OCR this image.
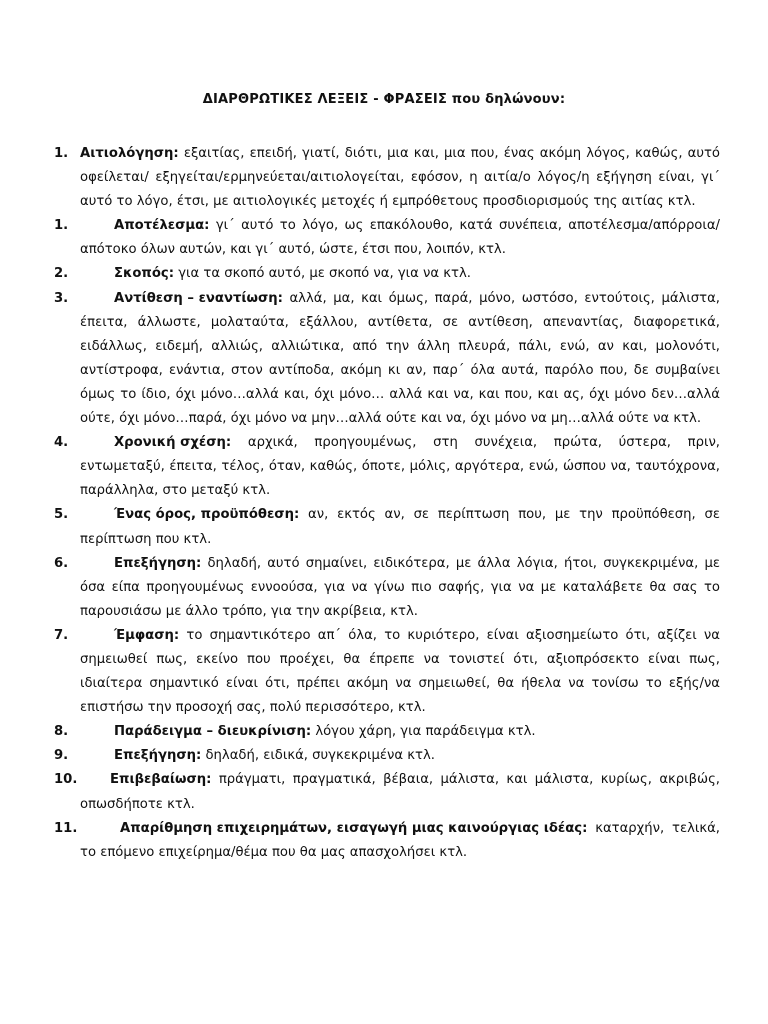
ΔΙΑΡΘΡΩΤΙΚΕΣ ΛΕΞΕΙΣ - ΦΡΑΣΕΙΣ που δηλώνουν:
1. Αιτιολόγηση: εξαιτίας, επειδή, γιατί, διότι, μια και, μια που, ένας ακόμη λόγος, καθώς, αυτό οφείλεται/ εξηγείται/ερμηνεύεται/αιτιολογείται, εφόσον, η αιτία/ο λόγος/η εξήγηση είναι, γι΄ αυτό το λόγο, έτσι, με αιτιολογικές μετοχές ή εμπρόθετους προσδιορισμούς της αιτίας κτλ.
1.	Αποτέλεσμα: γι΄ αυτό το λόγο, ως επακόλουθο, κατά συνέπεια, αποτέλεσμα/απόρροια/απότοκο όλων αυτών, και γι΄ αυτό, ώστε, έτσι που, λοιπόν, κτλ.
2.	Σκοπός: για τα σκοπό αυτό, με σκοπό να, για να κτλ.
3.	Αντίθεση – εναντίωση: αλλά, μα, και όμως, παρά, μόνο, ωστόσο, εντούτοις, μάλιστα, έπειτα, άλλωστε, μολαταύτα, εξάλλου, αντίθετα, σε αντίθεση, απεναντίας, διαφορετικά, ειδάλλως, ειδεμή, αλλιώς, αλλιώτικα, από την άλλη πλευρά, πάλι, ενώ, αν και, μολονότι, αντίστροφα, ενάντια, στον αντίποδα, ακόμη κι αν, παρ΄ όλα αυτά, παρόλο που, δε συμβαίνει όμως το ίδιο, όχι μόνο…αλλά και, όχι μόνο… αλλά και να, και που, και ας, όχι μόνο δεν…αλλά ούτε, όχι μόνο…παρά, όχι μόνο να μην…αλλά ούτε και να, όχι μόνο να μη…αλλά ούτε να κτλ.
4.	Χρονική σχέση: αρχικά, προηγουμένως, στη συνέχεια, πρώτα, ύστερα, πριν, εντωμεταξύ, έπειτα, τέλος, όταν, καθώς, όποτε, μόλις, αργότερα, ενώ, ώσπου να, ταυτόχρονα, παράλληλα, στο μεταξύ κτλ.
5.	Ένας όρος, προϋπόθεση: αν, εκτός αν, σε περίπτωση που, με την προϋπόθεση, σε περίπτωση που κτλ.
6.	Επεξήγηση: δηλαδή, αυτό σημαίνει, ειδικότερα, με άλλα λόγια, ήτοι, συγκεκριμένα, με όσα είπα προηγουμένως εννοούσα, για να γίνω πιο σαφής, για να με καταλάβετε θα σας το παρουσιάσω με άλλο τρόπο, για την ακρίβεια, κτλ.
7.	Έμφαση: το σημαντικότερο απ΄ όλα, το κυριότερο, είναι αξιοσημείωτο ότι, αξίζει να σημειωθεί πως, εκείνο που προέχει, θα έπρεπε να τονιστεί ότι, αξιοπρόσεκτο είναι πως, ιδιαίτερα σημαντικό είναι ότι, πρέπει ακόμη να σημειωθεί, θα ήθελα να τονίσω το εξής/να επιστήσω την προσοχή σας, πολύ περισσότερο, κτλ.
8.	Παράδειγμα – διευκρίνιση: λόγου χάρη, για παράδειγμα κτλ.
9.	Επεξήγηση: δηλαδή, ειδικά, συγκεκριμένα κτλ.
10. Επιβεβαίωση: πράγματι, πραγματικά, βέβαια, μάλιστα, και μάλιστα, κυρίως, ακριβώς, οπωσδήποτε κτλ.
11.	Απαρίθμηση επιχειρημάτων, εισαγωγή μιας καινούργιας ιδέας: καταρχήν, τελικά, το επόμενο επιχείρημα/θέμα που θα μας απασχολήσει κτλ.
